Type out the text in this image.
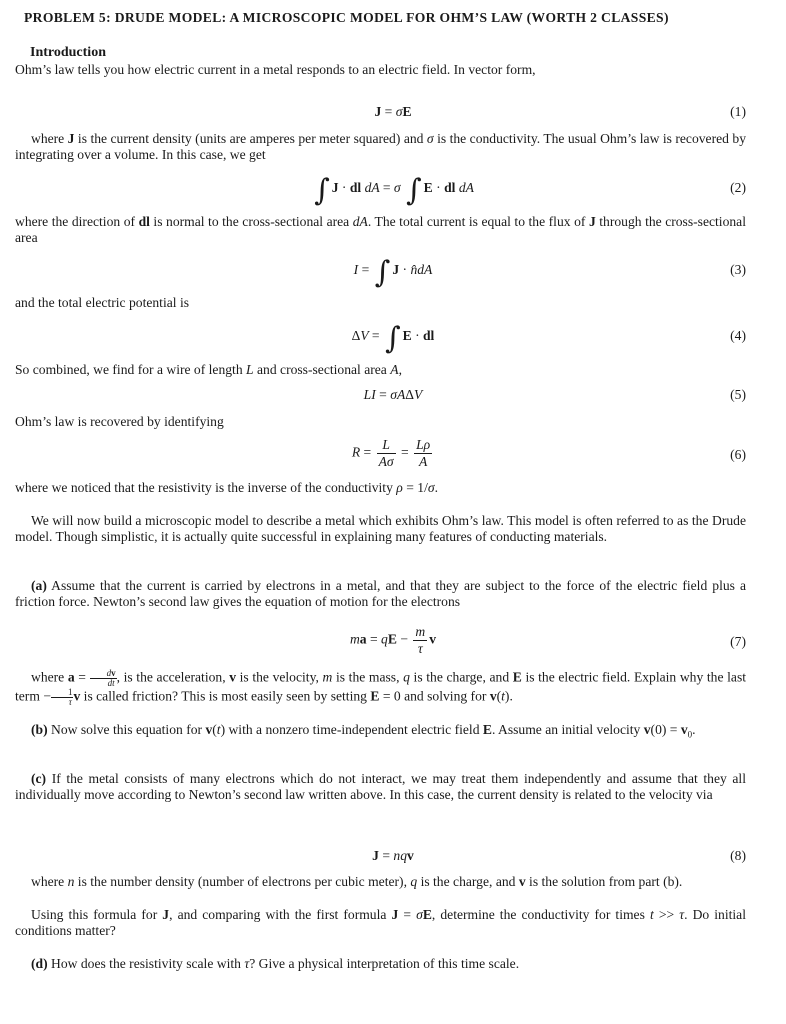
PROBLEM 5: DRUDE MODEL: A MICROSCOPIC MODEL FOR OHM’S LAW (WORTH 2 CLASSES)
Introduction
Ohm’s law tells you how electric current in a metal responds to an electric field. In vector form,
J = σE	(1)
where J is the current density (units are amperes per meter squared) and σ is the conductivity. The usual Ohm’s law is recovered by integrating over a volume. In this case, we get
∫ J · dl dA = σ ∫ E · dl dA	(2)
where the direction of dl is normal to the cross-sectional area dA. The total current is equal to the flux of J through the cross-sectional area
I = ∫ J · n̂dA	(3)
and the total electric potential is
ΔV = ∫ E · dl	(4)
So combined, we find for a wire of length L and cross-sectional area A,
LI = σAΔV	(5)
Ohm’s law is recovered by identifying
$R = \frac{L}{A\sigma} = \frac{L\rho}{A}$	(6)
where we noticed that the resistivity is the inverse of the conductivity ρ = 1/σ.
We will now build a microscopic model to describe a metal which exhibits Ohm’s law. This model is often referred to as the Drude model. Though simplistic, it is actually quite successful in explaining many features of conducting materials.
(a) Assume that the current is carried by electrons in a metal, and that they are subject to the force of the electric field plus a friction force. Newton’s second law gives the equation of motion for the electrons
ma = qE − $\frac{m}{\tau}$ v	(7)
where $a = \frac{dv}{dt}$ , is the acceleration, v is the velocity, m is the mass, q is the charge, and E is the electric field. Explain why the last term − $\frac{1}{\tau}$ v is called friction? This is most easily seen by setting E = 0 and solving for v(t).
(b) Now solve this equation for v(t) with a nonzero time-independent electric field E. Assume an initial velocity $v(0) = v_0$.
(c) If the metal consists of many electrons which do not interact, we may treat them independently and assume that they all individually move according to Newton’s second law written above. In this case, the current density is related to the velocity via
J = nqv	(8)
where n is the number density (number of electrons per cubic meter), q is the charge, and v is the solution from part (b).
Using this formula for J, and comparing with the first formula J = σE, determine the conductivity for times t >> τ. Do initial conditions matter?
(d) How does the resistivity scale with τ? Give a physical interpretation of this time scale.
